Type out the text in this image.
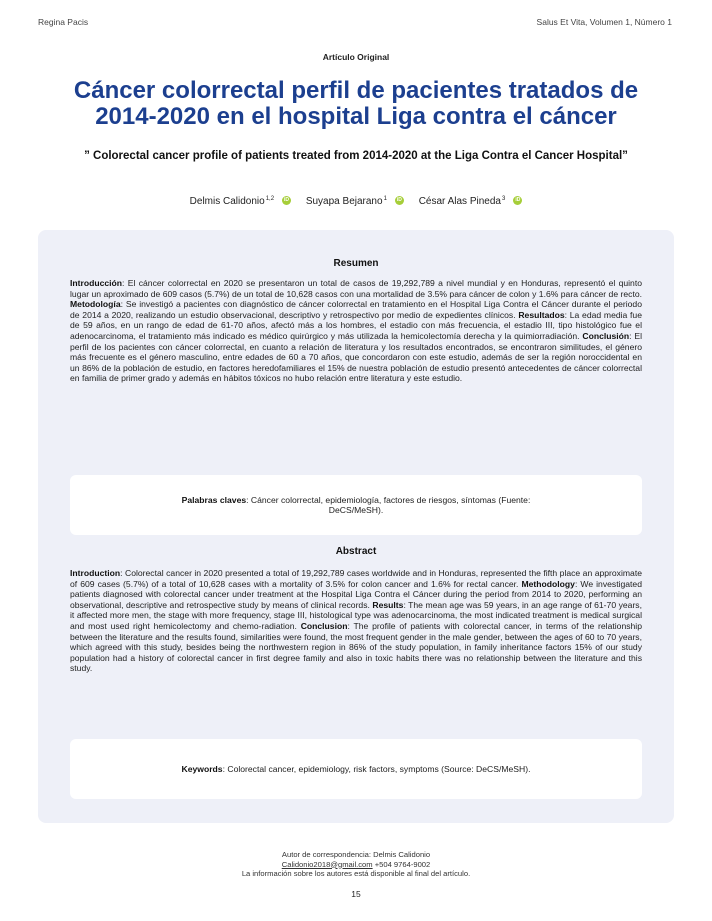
Regina Pacis	Salus Et Vita, Volumen 1, Número 1
Artículo Original
Cáncer colorrectal perfil de pacientes tratados de 2014-2020 en el hospital Liga contra el cáncer
” Colorectal cancer profile of patients treated from 2014-2020 at the Liga Contra el Cancer Hospital”
Delmis Calidonio$^{1,2}$ iD Suyapa Bejarano$^1$ iD César Alas Pineda$^3$ iD
Resumen

Introducción: El cáncer colorrectal en 2020 se presentaron un total de casos de 19,292,789 a nivel mundial y en Honduras, representó el quinto lugar un aproximado de 609 casos (5.7%) de un total de 10,628 casos con una mortalidad de 3.5% para cáncer de colon y 1.6% para cáncer de recto. Metodología: Se investigó a pacientes con diagnóstico de cáncer colorrectal en tratamiento en el Hospital Liga Contra el Cáncer durante el periodo de 2014 a 2020, realizando un estudio observacional, descriptivo y retrospectivo por medio de expedientes clínicos. Resultados: La edad media fue de 59 años, en un rango de edad de 61-70 años, afectó más a los hombres, el estadio con más frecuencia, el estadio III, tipo histológico fue el adenocarcinoma, el tratamiento más indicado es médico quirúrgico y más utilizada la hemicolectomía derecha y la quimiorradiación. Conclusión: El perfil de los pacientes con cáncer colorrectal, en cuanto a relación de literatura y los resultados encontrados, se encontraron similitudes, el género más frecuente es el género masculino, entre edades de 60 a 70 años, que concordaron con este estudio, además de ser la región noroccidental en un 86% de la población de estudio, en factores heredofamiliares el 15% de nuestra población de estudio presentó antecedentes de cáncer colorrectal en familia de primer grado y además en hábitos tóxicos no hubo relación entre literatura y este estudio.

Palabras claves: Cáncer colorrectal, epidemiología, factores de riesgos, síntomas (Fuente: DeCS/MeSH).

Abstract

Introduction: Colorectal cancer in 2020 presented a total of 19,292,789 cases worldwide and in Honduras, represented the fifth place an approximate of 609 cases (5.7%) of a total of 10,628 cases with a mortality of 3.5% for colon cancer and 1.6% for rectal cancer. Methodology: We investigated patients diagnosed with colorectal cancer under treatment at the Hospital Liga Contra el Cáncer during the period from 2014 to 2020, performing an observational, descriptive and retrospective study by means of clinical records. Results: The mean age was 59 years, in an age range of 61-70 years, it affected more men, the stage with more frequency, stage III, histological type was adenocarcinoma, the most indicated treatment is medical surgical and most used right hemicolectomy and chemo-radiation. Conclusion: The profile of patients with colorectal cancer, in terms of the relationship between the literature and the results found, similarities were found, the most frequent gender in the male gender, between the ages of 60 to 70 years, which agreed with this study, besides being the northwestern region in 86% of the study population, in family inheritance factors 15% of our study population had a history of colorectal cancer in first degree family and also in toxic habits there was no relationship between the literature and this study.

Keywords: Colorectal cancer, epidemiology, risk factors, symptoms (Source: DeCS/MeSH).

Autor de correspondencia: Delmis Calidonio
Calidonio2018@gmail.com +504 9764-9002
La información sobre los autores está disponible al final del artículo.
15
